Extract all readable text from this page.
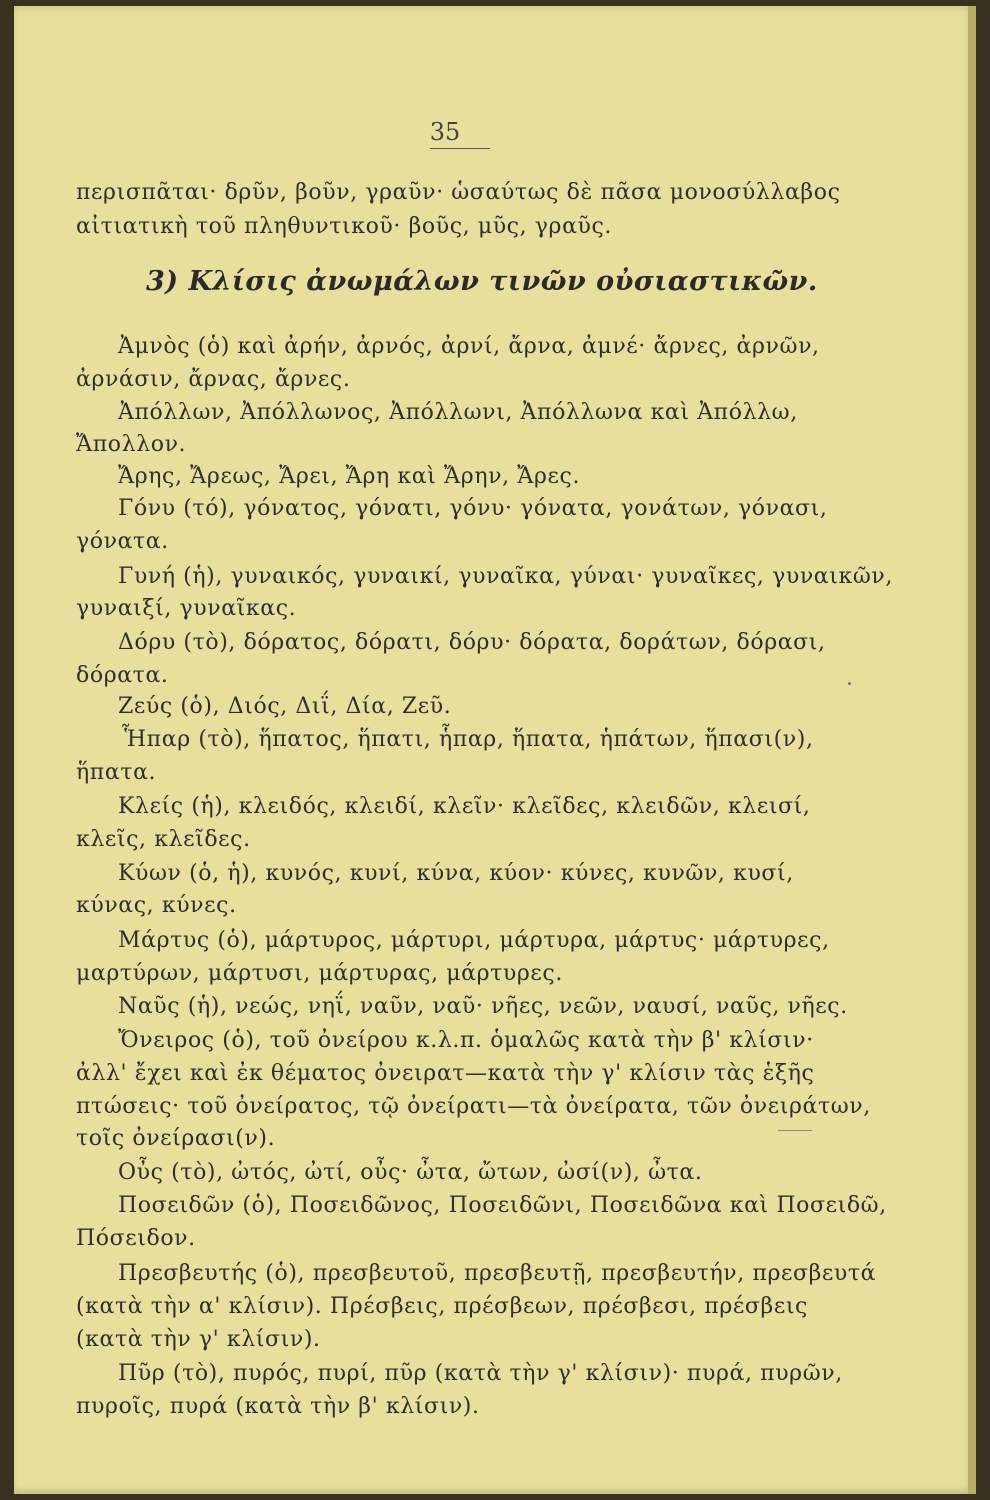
35
περισπᾶται· δρῦν, βοῦν, γραῦν· ὡσαύτως δὲ πᾶσα μονοσύλλαβος
αἰτιατικὴ τοῦ πληθυντικοῦ· βοῦς, μῦς, γραῦς.
3) Κλίσις ἀνωμάλων τινῶν οὐσιαστικῶν.
Ἀμνὸς (ὁ) καὶ ἀρήν, ἀρνός, ἀρνί, ἄρνα, ἀμνέ· ἄρνες, ἀρνῶν,
ἀρνάσιν, ἄρνας, ἄρνες.
Ἀπόλλων, Ἀπόλλωνος, Ἀπόλλωνι, Ἀπόλλωνα καὶ Ἀπόλλω,
Ἄπολλον.
Ἄρης, Ἄρεως, Ἄρει, Ἄρη καὶ Ἄρην, Ἄρες.
Γόνυ (τό), γόνατος, γόνατι, γόνυ· γόνατα, γονάτων, γόνασι,
γόνατα.
Γυνή (ἡ), γυναικός, γυναικί, γυναῖκα, γύναι· γυναῖκες, γυναικῶν,
γυναιξί, γυναῖκας.
Δόρυ (τὸ), δόρατος, δόρατι, δόρυ· δόρατα, δοράτων, δόρασι,
δόρατα.
Ζεύς (ὁ), Διός, Διΐ, Δία, Ζεῦ.
Ἧπαρ (τὸ), ἥπατος, ἥπατι, ἧπαρ, ἥπατα, ἡπάτων, ἥπασι(ν),
ἥπατα.
Κλείς (ἡ), κλειδός, κλειδί, κλεῖν· κλεῖδες, κλειδῶν, κλεισί,
κλεῖς, κλεῖδες.
Κύων (ὁ, ἡ), κυνός, κυνί, κύνα, κύον· κύνες, κυνῶν, κυσί,
κύνας, κύνες.
Μάρτυς (ὁ), μάρτυρος, μάρτυρι, μάρτυρα, μάρτυς· μάρτυρες,
μαρτύρων, μάρτυσι, μάρτυρας, μάρτυρες.
Ναῦς (ἡ), νεώς, νηΐ, ναῦν, ναῦ· νῆες, νεῶν, ναυσί, ναῦς, νῆες.
Ὄνειρος (ὁ), τοῦ ὀνείρου κ.λ.π. ὁμαλῶς κατὰ τὴν β' κλίσιν·
ἀλλ' ἔχει καὶ ἐκ θέματος ὀνειρατ—κατὰ τὴν γ' κλίσιν τὰς ἑξῆς
πτώσεις· τοῦ ὀνείρατος, τῷ ὀνείρατι—τὰ ὀνείρατα, τῶν ὀνειράτων,
τοῖς ὀνείρασι(ν).
Οὖς (τὸ), ὠτός, ὠτί, οὖς· ὦτα, ὤτων, ὠσί(ν), ὦτα.
Ποσειδῶν (ὁ), Ποσειδῶνος, Ποσειδῶνι, Ποσειδῶνα καὶ Ποσειδῶ,
Πόσειδον.
Πρεσβευτής (ὁ), πρεσβευτοῦ, πρεσβευτῇ, πρεσβευτήν, πρεσβευτά
(κατὰ τὴν α' κλίσιν). Πρέσβεις, πρέσβεων, πρέσβεσι, πρέσβεις
(κατὰ τὴν γ' κλίσιν).
Πῦρ (τὸ), πυρός, πυρί, πῦρ (κατὰ τὴν γ' κλίσιν)· πυρά, πυρῶν,
πυροῖς, πυρά (κατὰ τὴν β' κλίσιν).
